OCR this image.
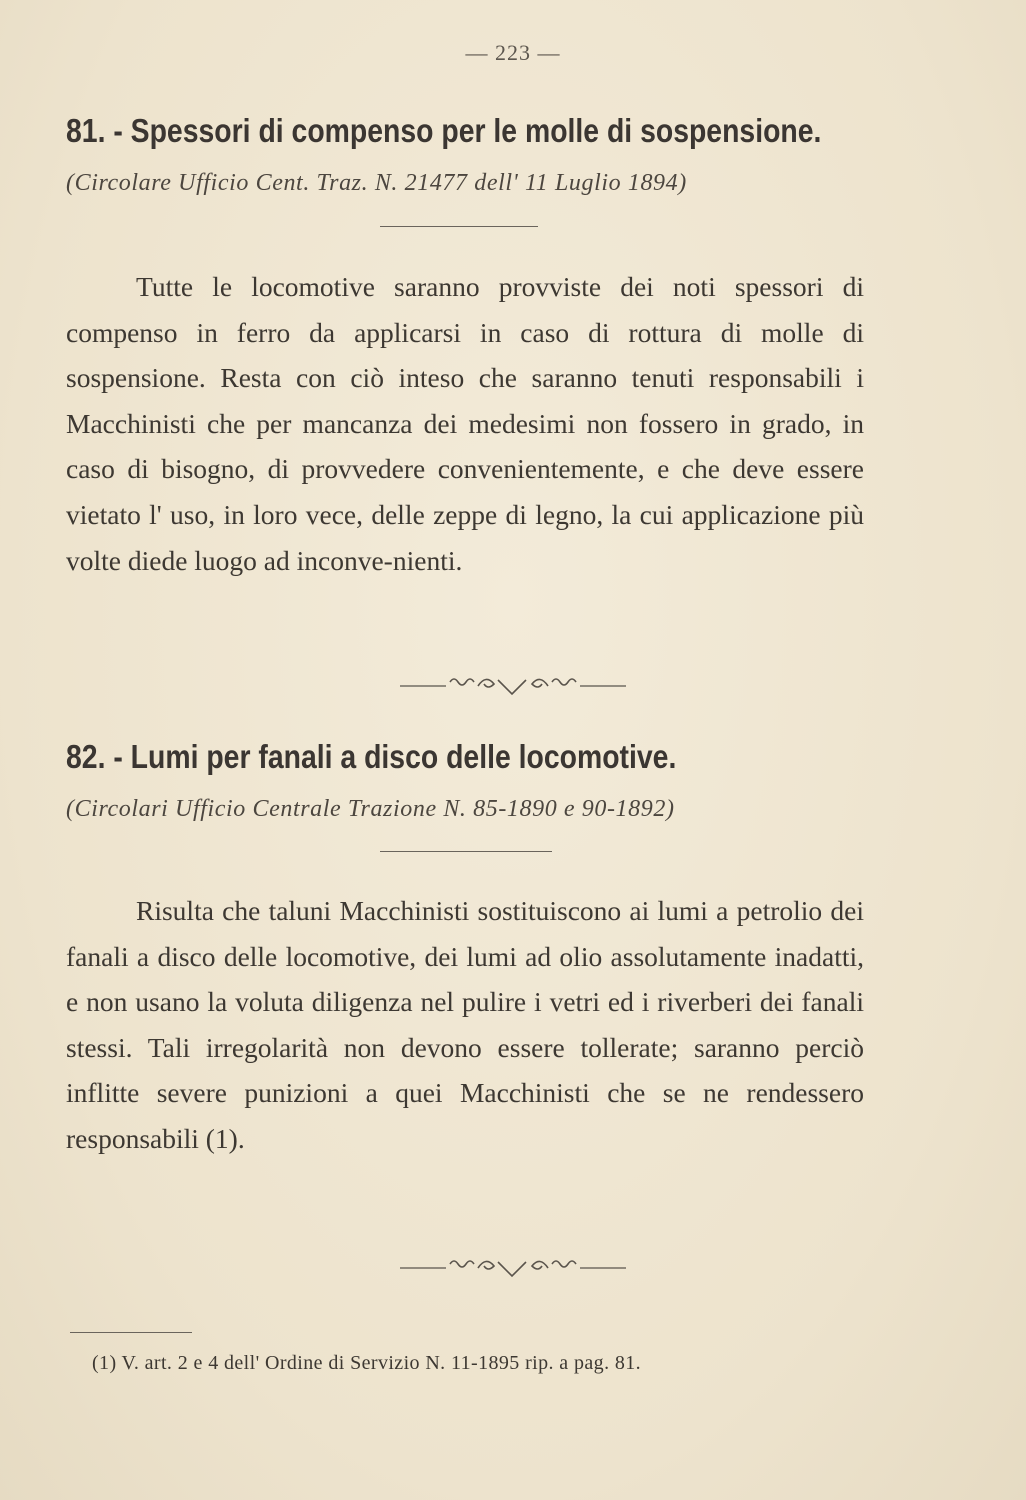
— 223 —
81. - Spessori di compenso per le molle di sospensione.
(Circolare Ufficio Cent. Traz. N. 21477 dell' 11 Luglio 1894)
Tutte le locomotive saranno provviste dei noti spessori di compenso in ferro da applicarsi in caso di rottura di molle di sospensione. Resta con ciò inteso che saranno tenuti responsabili i Macchinisti che per mancanza dei medesimi non fossero in grado, in caso di bisogno, di provvedere convenientemente, e che deve essere vietato l' uso, in loro vece, delle zeppe di legno, la cui applicazione più volte diede luogo ad inconve-nienti.
82. - Lumi per fanali a disco delle locomotive.
(Circolari Ufficio Centrale Trazione N. 85-1890 e 90-1892)
Risulta che taluni Macchinisti sostituiscono ai lumi a petrolio dei fanali a disco delle locomotive, dei lumi ad olio assolutamente inadatti, e non usano la voluta diligenza nel pulire i vetri ed i riverberi dei fanali stessi. Tali irregolarità non devono essere tollerate; saranno perciò inflitte severe punizioni a quei Macchinisti che se ne rendessero responsabili (1).
(1) V. art. 2 e 4 dell' Ordine di Servizio N. 11-1895 rip. a pag. 81.
